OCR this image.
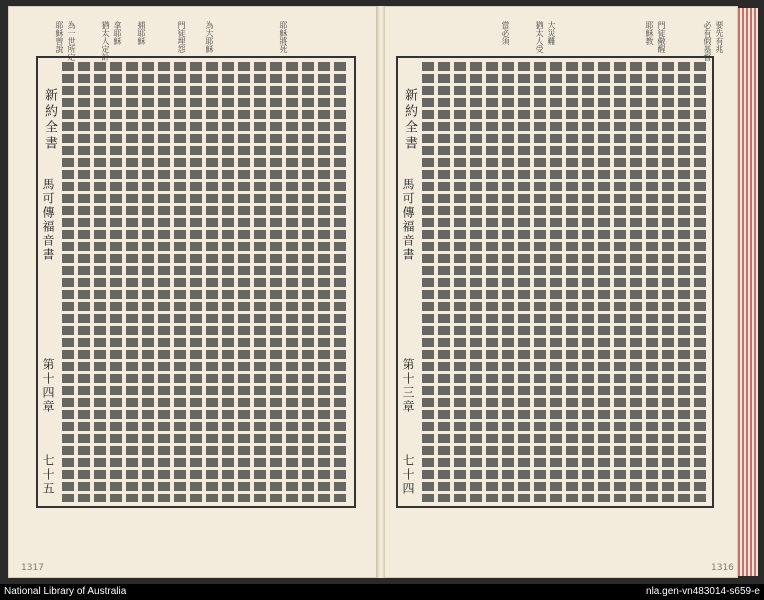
耶穌曾說 為一世所定	猶太人定計 拿耶穌 捕耶穌	門徒埋怨 為大耶穌	耶穌將死
1317
當必須	猶太人受 大災難	耶穌教 門徒儆醒	必有假基督 要先有兆
1316
新約全書
馬可傳福音書
第十四章
七十五
新約全書
馬可傳福音書
第十三章
七十四
National Library of Australia	nla.gen-vn483014-s659-e
